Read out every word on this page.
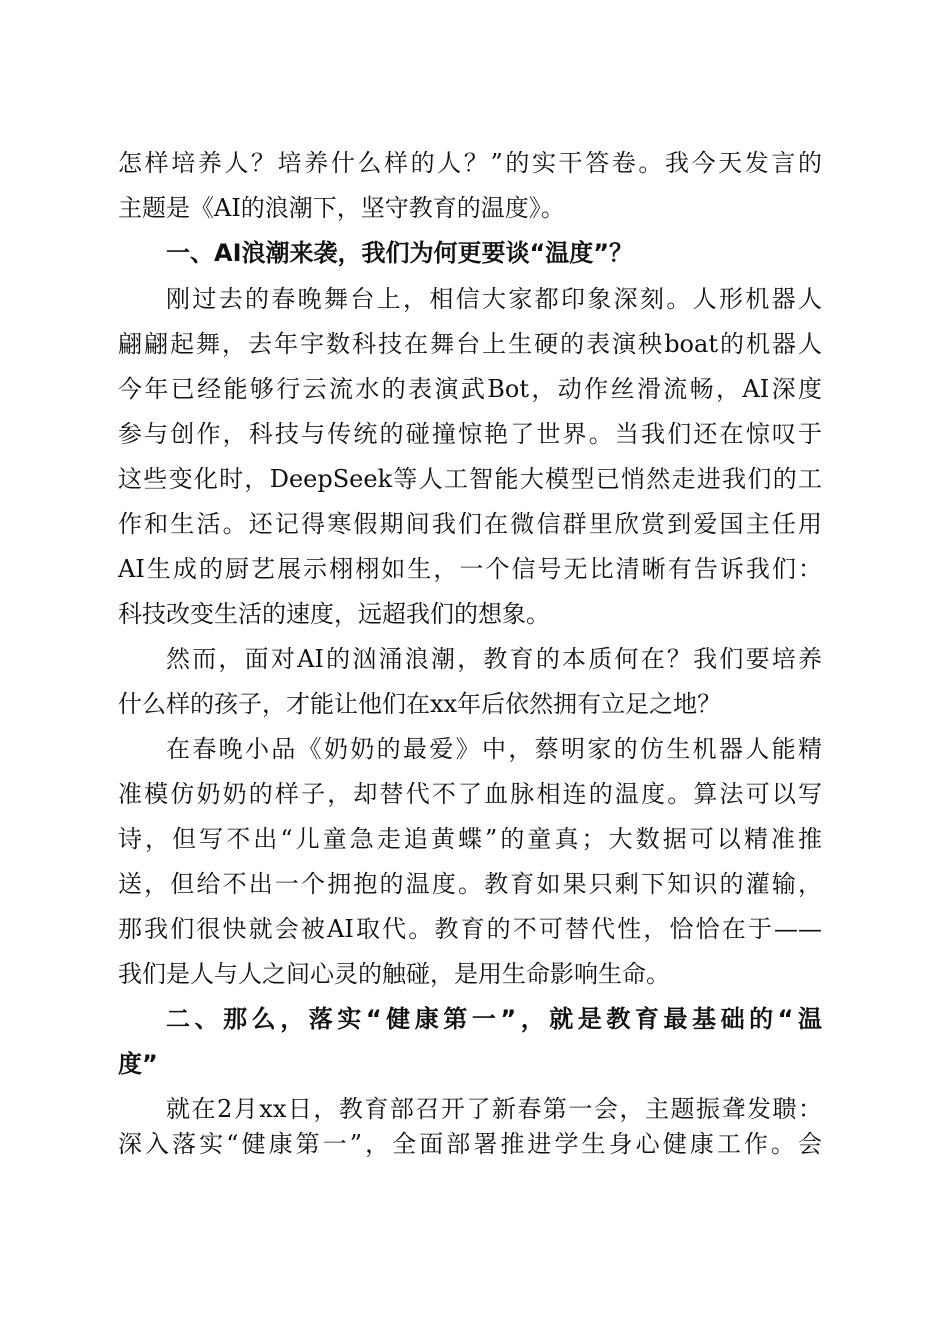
怎样培养人？培养什么样的人？”的实干答卷。我今天发言的
主题是《AI的浪潮下，坚守教育的温度》。
一、AI浪潮来袭，我们为何更要谈“温度”？
刚过去的春晚舞台上，相信大家都印象深刻。人形机器人
翩翩起舞，去年宇数科技在舞台上生硬的表演秧boat的机器人
今年已经能够行云流水的表演武Bot，动作丝滑流畅，AI深度
参与创作，科技与传统的碰撞惊艳了世界。当我们还在惊叹于
这些变化时，DeepSeek等人工智能大模型已悄然走进我们的工
作和生活。还记得寒假期间我们在微信群里欣赏到爱国主任用
AI生成的厨艺展示栩栩如生，一个信号无比清晰有告诉我们：
科技改变生活的速度，远超我们的想象。
然而，面对AI的汹涌浪潮，教育的本质何在？我们要培养
什么样的孩子，才能让他们在xx年后依然拥有立足之地？
在春晚小品《奶奶的最爱》中，蔡明家的仿生机器人能精
准模仿奶奶的样子，却替代不了血脉相连的温度。算法可以写
诗，但写不出“儿童急走追黄蝶”的童真；大数据可以精准推
送，但给不出一个拥抱的温度。教育如果只剩下知识的灌输，
那我们很快就会被AI取代。教育的不可替代性，恰恰在于——
我们是人与人之间心灵的触碰，是用生命影响生命。
二、那么，落实“健康第一”，就是教育最基础的“温
度”
就在2月xx日，教育部召开了新春第一会，主题振聋发聩：
深入落实“健康第一”，全面部署推进学生身心健康工作。会
